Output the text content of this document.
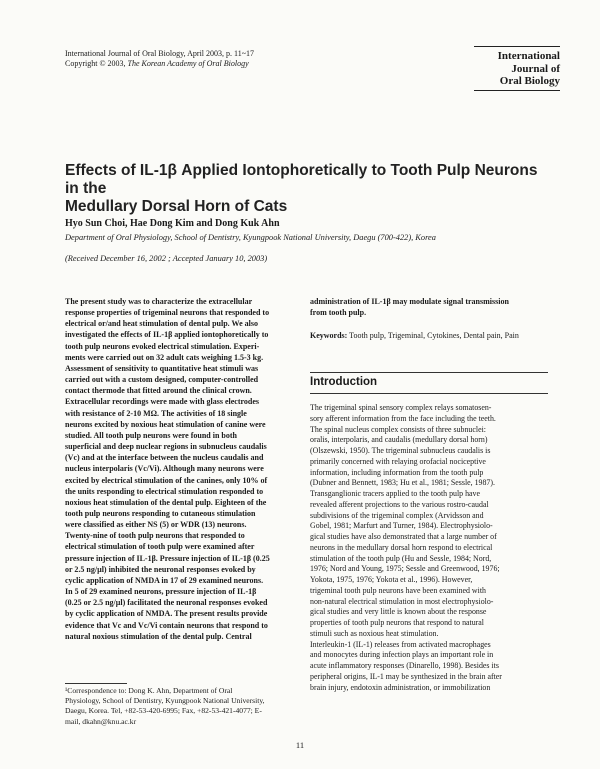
International Journal of Oral Biology, April 2003, p. 11~17
Copyright © 2003, The Korean Academy of Oral Biology
International
Journal of
Oral Biology
Effects of IL-1β Applied Iontophoretically to Tooth Pulp Neurons in the
Medullary Dorsal Horn of Cats
Hyo Sun Choi, Hae Dong Kim and Dong Kuk Ahn
Department of Oral Physiology, School of Dentistry, Kyungpook National University, Daegu (700-422), Korea
(Received December 16, 2002 ; Accepted January 10, 2003)
The present study was to characterize the extracellular
response properties of trigeminal neurons that responded to
electrical or/and heat stimulation of dental pulp. We also
investigated the effects of IL-1β applied iontophoretically to
tooth pulp neurons evoked electrical stimulation. Experi-
ments were carried out on 32 adult cats weighing 1.5-3 kg.
Assessment of sensitivity to quantitative heat stimuli was
carried out with a custom designed, computer-controlled
contact thermode that fitted around the clinical crown.
Extracellular recordings were made with glass electrodes
with resistance of 2-10 MΩ. The activities of 18 single
neurons excited by noxious heat stimulation of canine were
studied. All tooth pulp neurons were found in both
superficial and deep nuclear regions in subnucleus caudalis
(Vc) and at the interface between the nucleus caudalis and
nucleus interpolaris (Vc/Vi). Although many neurons were
excited by electrical stimulation of the canines, only 10% of
the units responding to electrical stimulation responded to
noxious heat stimulation of the dental pulp. Eighteen of the
tooth pulp neurons responding to cutaneous stimulation
were classified as either NS (5) or WDR (13) neurons.
Twenty-nine of tooth pulp neurons that responded to
electrical stimulation of tooth pulp were examined after
pressure injection of IL-1β. Pressure injection of IL-1β (0.25
or 2.5 ng/µl) inhibited the neuronal responses evoked by
cyclic application of NMDA in 17 of 29 examined neurons.
In 5 of 29 examined neurons, pressure injection of IL-1β
(0.25 or 2.5 ng/µl) facilitated the neuronal responses evoked
by cyclic application of NMDA. The present results provide
evidence that Vc and Vc/Vi contain neurons that respond to
natural noxious stimulation of the dental pulp. Central
administration of IL-1β may modulate signal transmission
from tooth pulp.
Keywords: Tooth pulp, Trigeminal, Cytokines, Dental pain, Pain
Introduction
The trigeminal spinal sensory complex relays somatosen-
sory afferent information from the face including the teeth.
The spinal nucleus complex consists of three subnuclei:
oralis, interpolaris, and caudalis (medullary dorsal horn)
(Olszewski, 1950). The trigeminal subnucleus caudalis is
primarily concerned with relaying orofacial nociceptive
information, including information from the tooth pulp
(Dubner and Bennett, 1983; Hu et al., 1981; Sessle, 1987).
Transganglionic tracers applied to the tooth pulp have
revealed afferent projections to the various rostro-caudal
subdivisions of the trigeminal complex (Arvidsson and
Gobel, 1981; Marfurt and Turner, 1984). Electrophysiolo-
gical studies have also demonstrated that a large number of
neurons in the medullary dorsal horn respond to electrical
stimulation of the tooth pulp (Hu and Sessle, 1984; Nord,
1976; Nord and Young, 1975; Sessle and Greenwood, 1976;
Yokota, 1975, 1976; Yokota et al., 1996). However,
trigeminal tooth pulp neurons have been examined with
non-natural electrical stimulation in most electrophysiolo-
gical studies and very little is known about the response
properties of tooth pulp neurons that respond to natural
stimuli such as noxious heat stimulation.
Interleukin-1 (IL-1) releases from activated macrophages
and monocytes during infection plays an important role in
acute inflammatory responses (Dinarello, 1998). Besides its
peripheral origins, IL-1 may be synthesized in the brain after
brain injury, endotoxin administration, or immobilization
¹Correspondence to: Dong K. Ahn, Department of Oral
Physiology, School of Dentistry, Kyungpook National University,
Daegu, Korea. Tel, +82-53-420-6995; Fax, +82-53-421-4077; E-
mail, dkahn@knu.ac.kr
11
